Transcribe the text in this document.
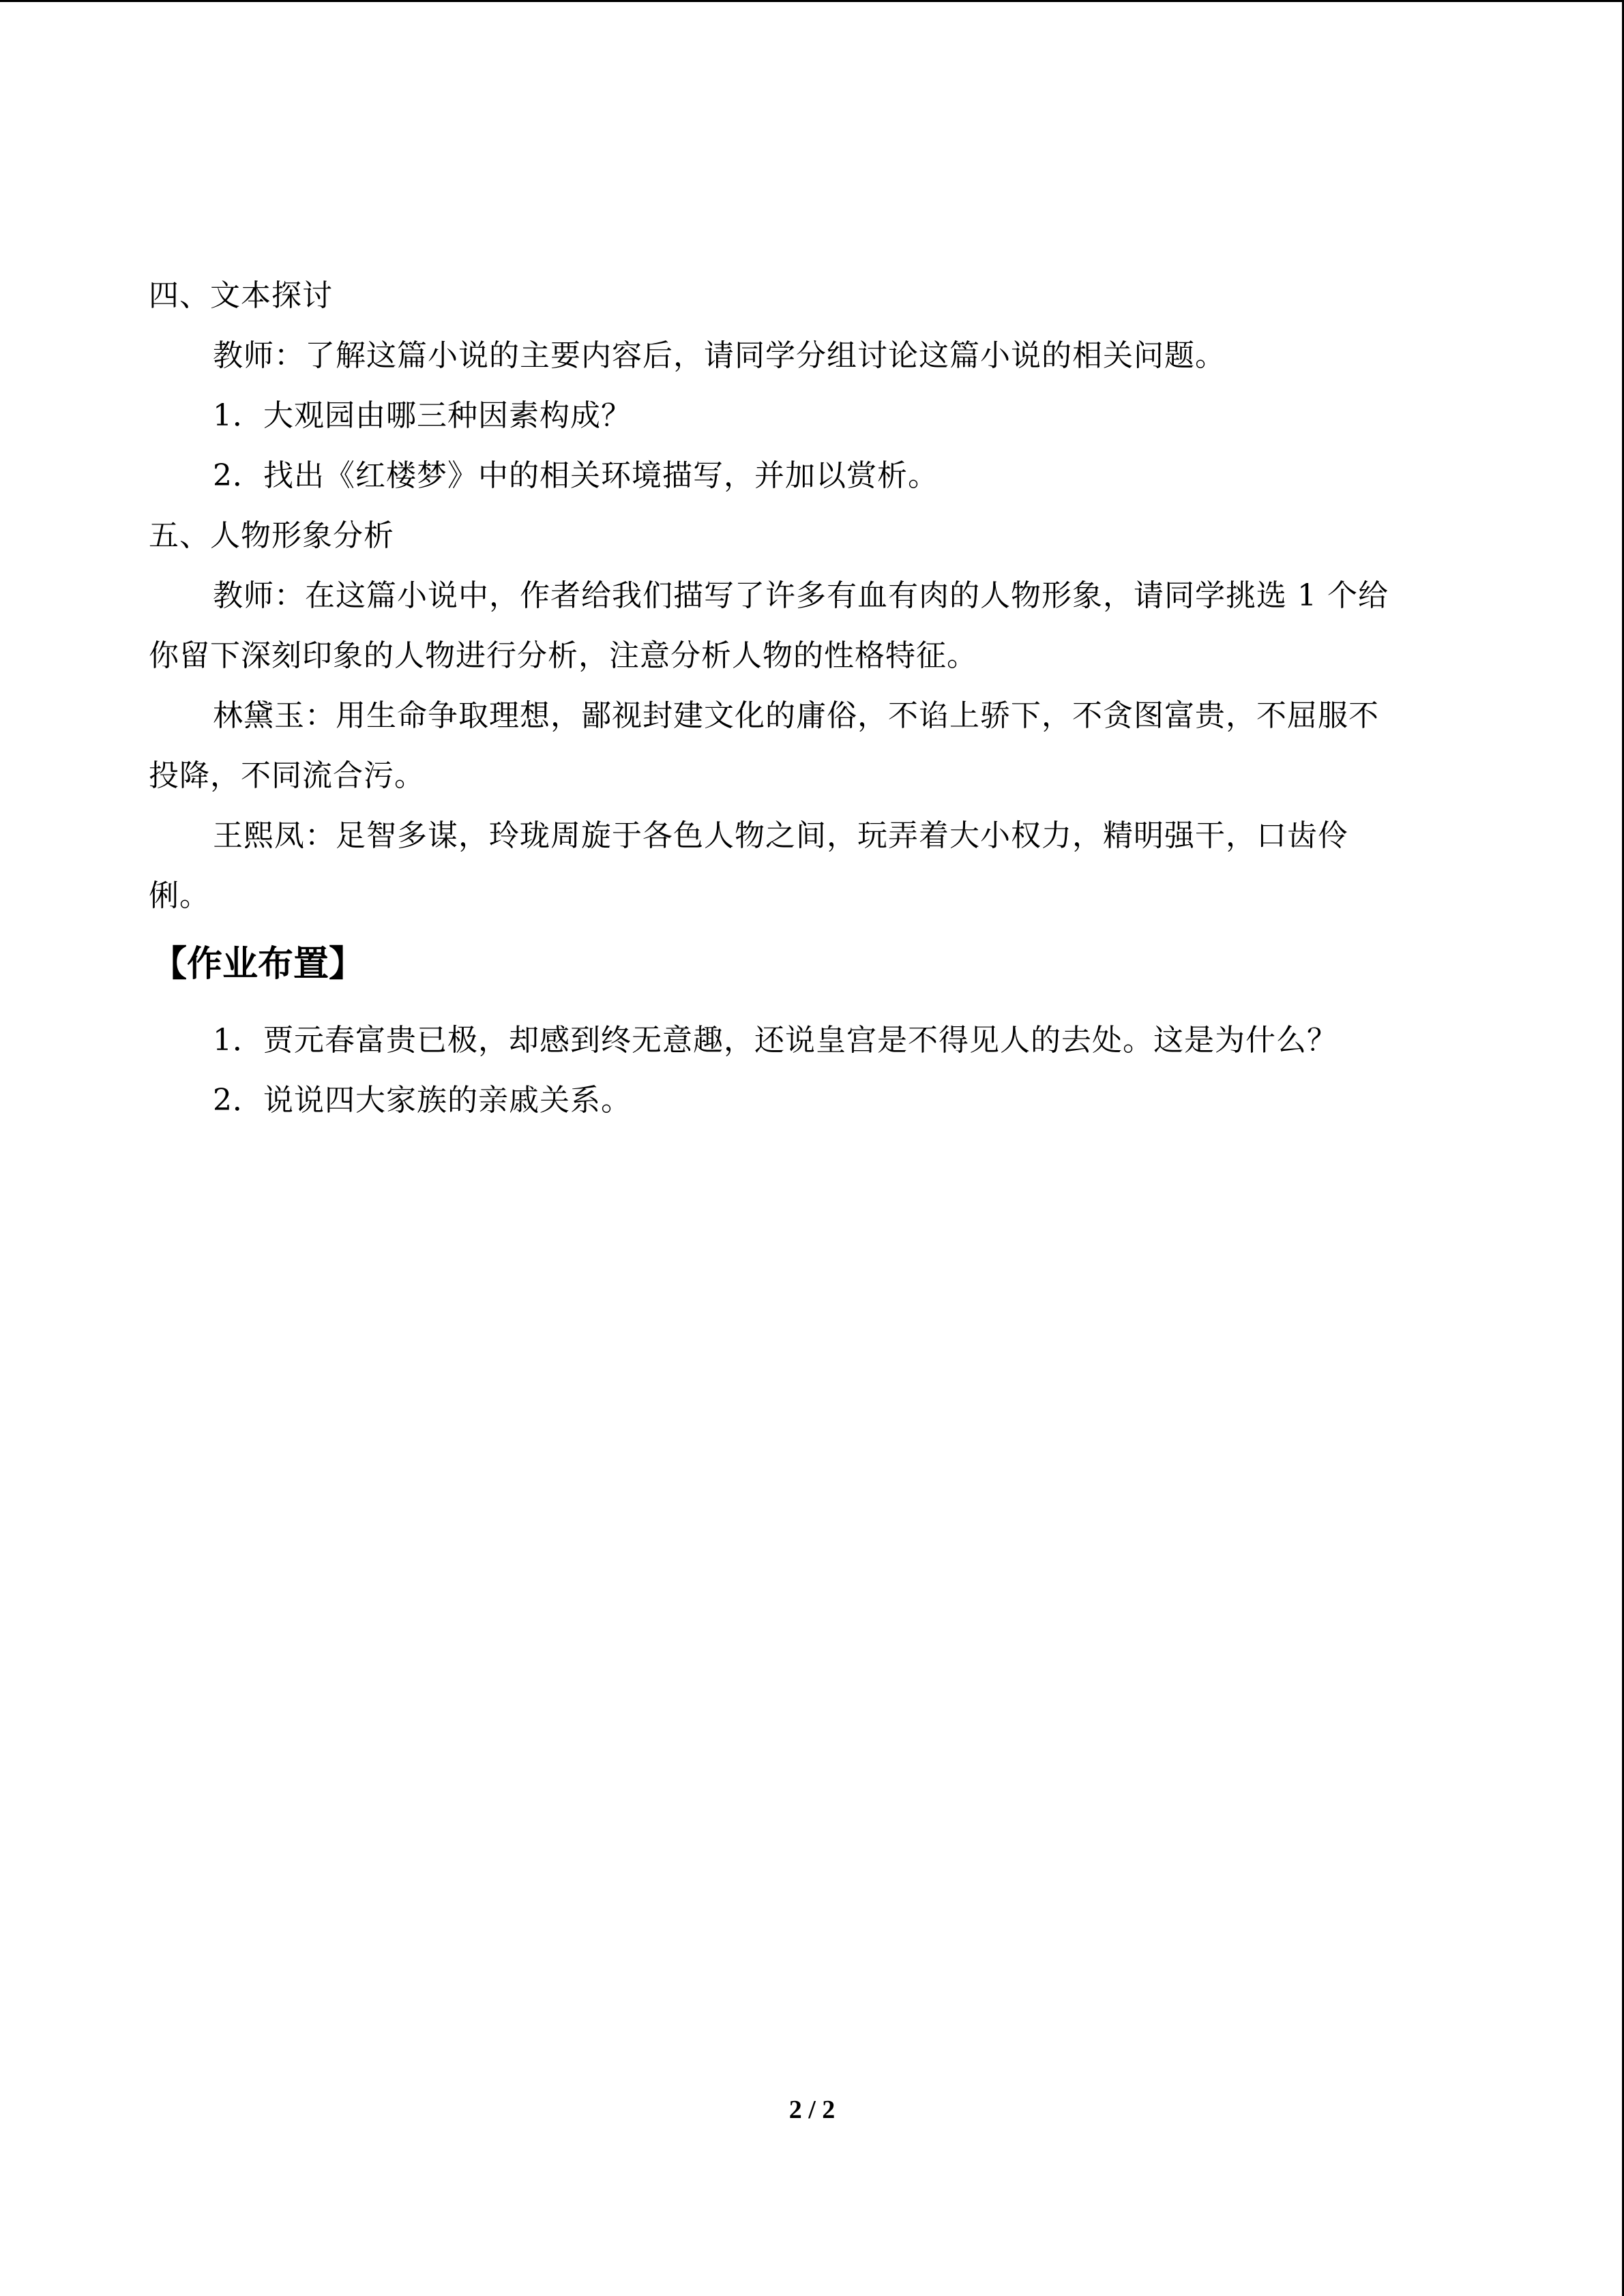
四、文本探讨
教师：了解这篇小说的主要内容后，请同学分组讨论这篇小说的相关问题。
1．大观园由哪三种因素构成？
2．找出《红楼梦》中的相关环境描写，并加以赏析。
五、人物形象分析
教师：在这篇小说中，作者给我们描写了许多有血有肉的人物形象，请同学挑选 1 个给
你留下深刻印象的人物进行分析，注意分析人物的性格特征。
林黛玉：用生命争取理想，鄙视封建文化的庸俗，不谄上骄下，不贪图富贵，不屈服不
投降，不同流合污。
王熙凤：足智多谋，玲珑周旋于各色人物之间，玩弄着大小权力，精明强干，口齿伶
俐。
【作业布置】
1．贾元春富贵已极，却感到终无意趣，还说皇宫是不得见人的去处。这是为什么？
2．说说四大家族的亲戚关系。
2 / 2
